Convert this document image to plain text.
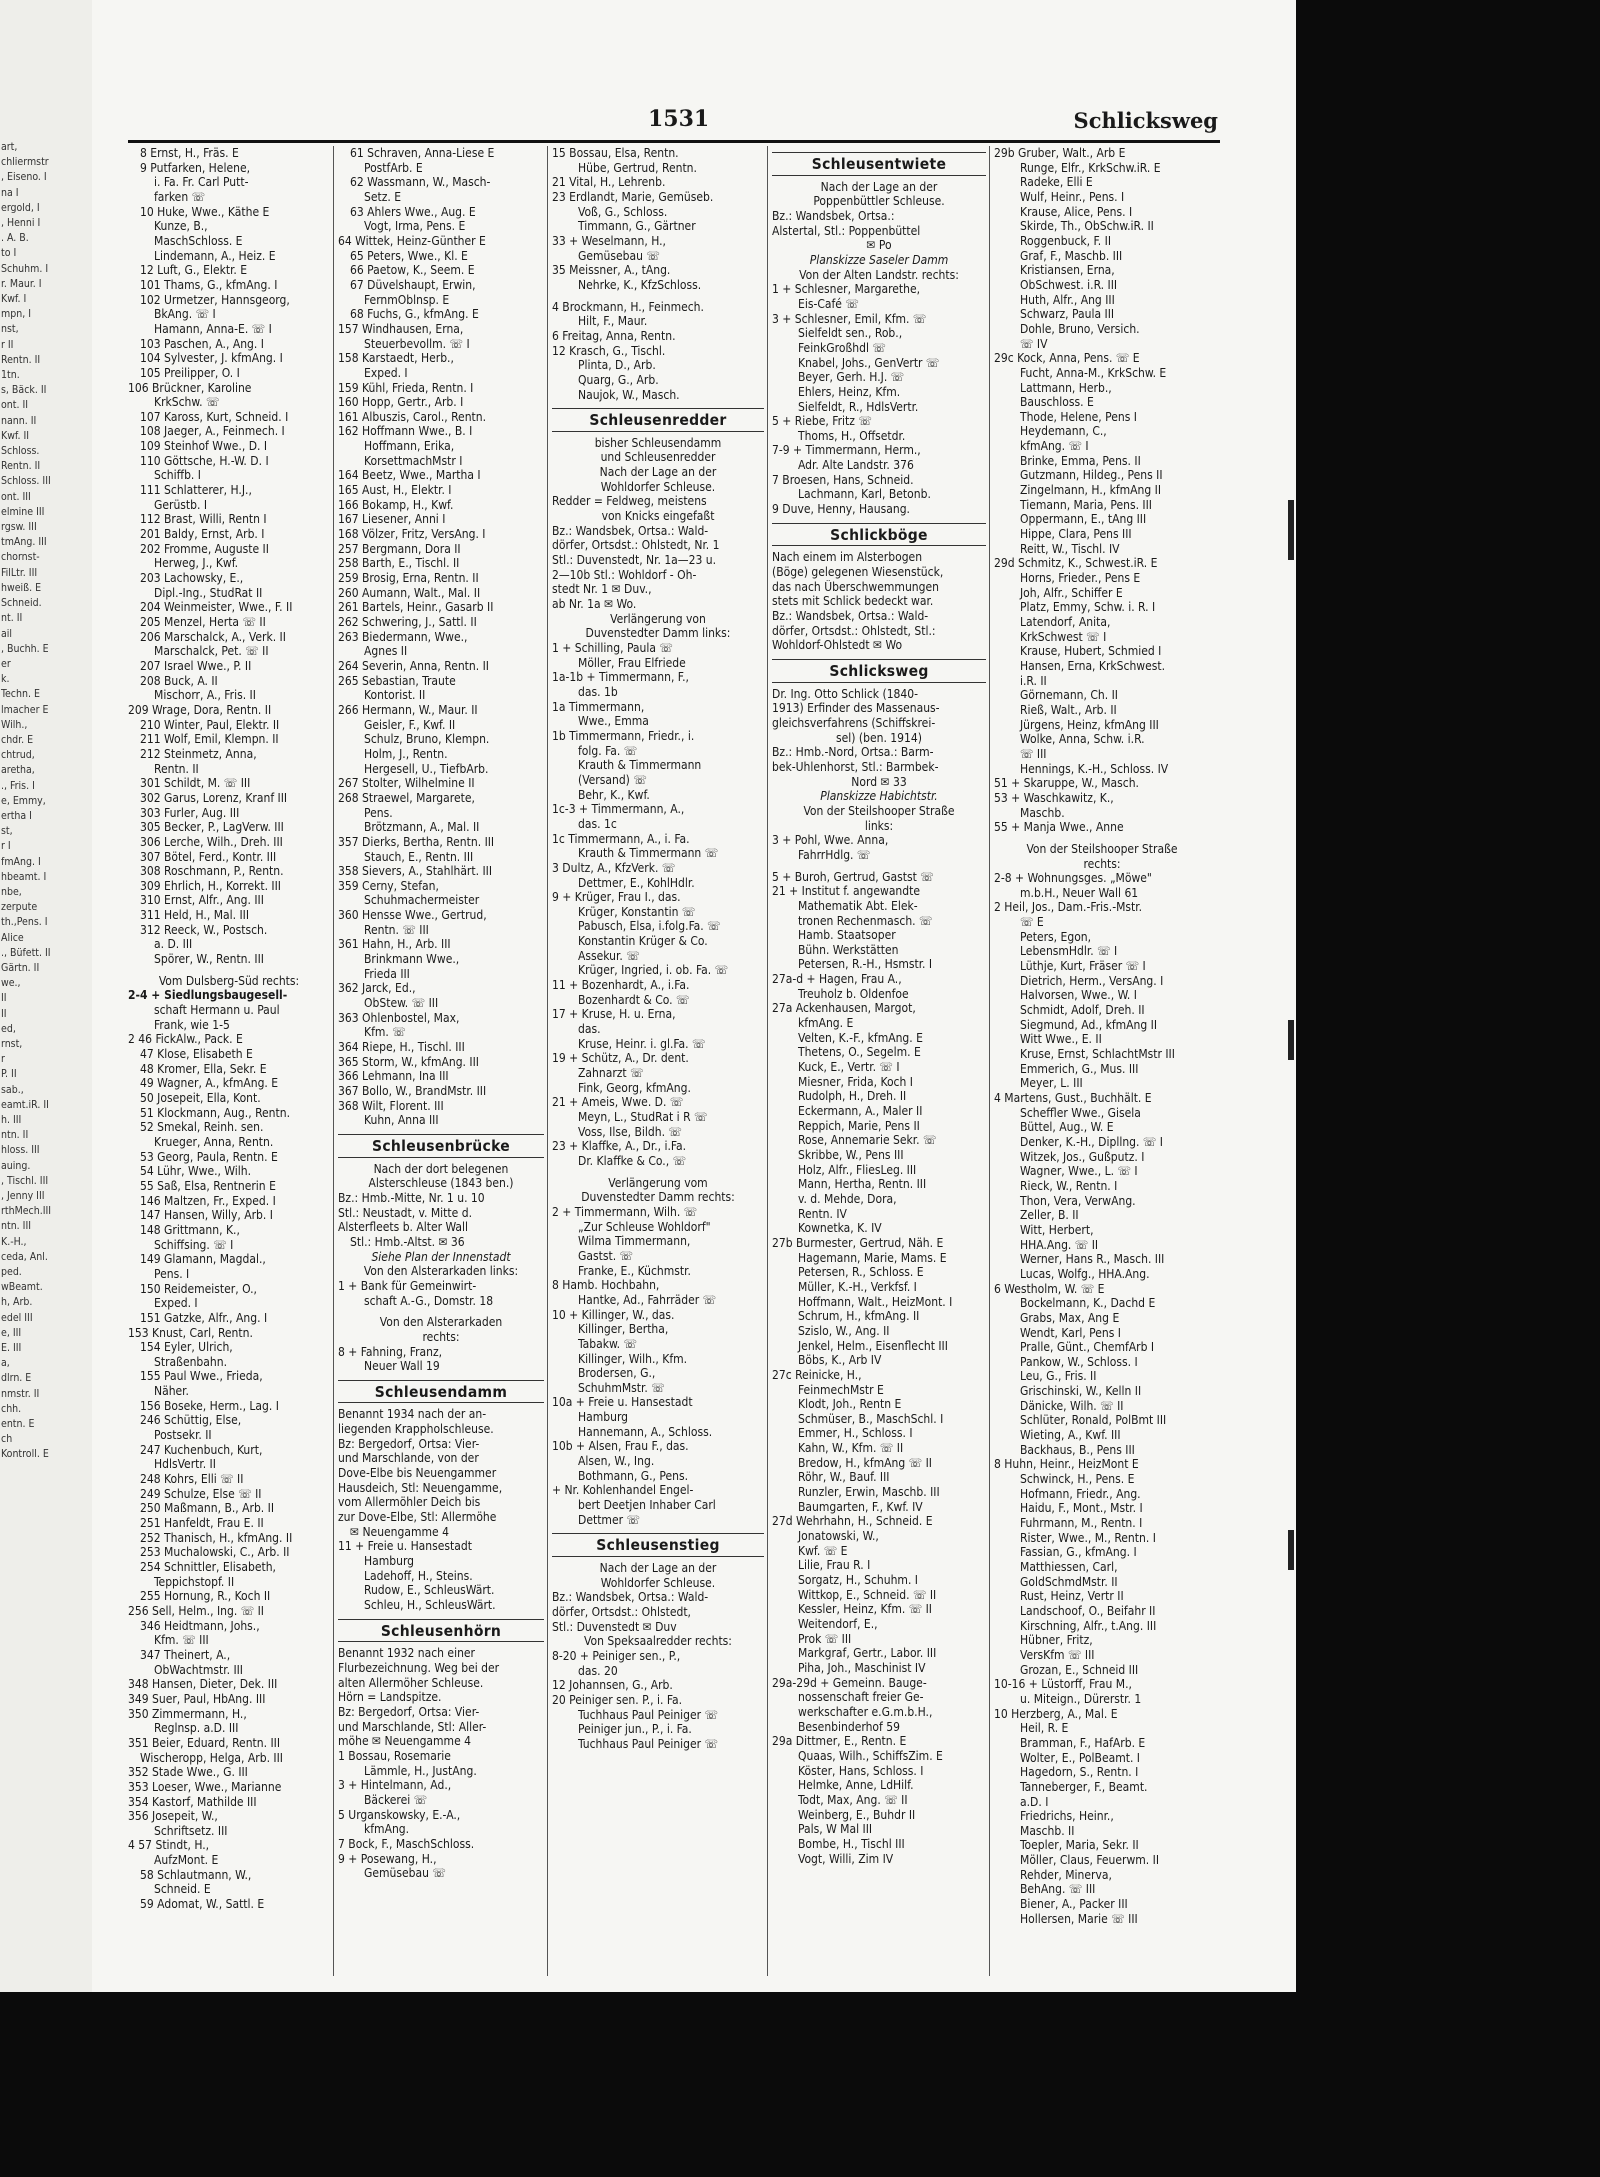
art,
chliermstr
, Eiseno. I
na I
ergold, I
, Henni I
. A. B.
to I
Schuhm. I
r. Maur. I
Kwf. I
mpn, I
nst,
r II
Rentn. II
1tn.
s, Bäck. II
ont. II
nann. II
Kwf. II
Schloss.
Rentn. II
Schloss. III
ont. III
elmine III
rgsw. III
tmAng. III
chornst-
FilLtr. III
hweiß. E
Schneid.
nt. II
ail
, Buchh. E
er
k.
Techn. E
lmacher E
Wilh.,
chdr. E
chtrud,
aretha,
., Fris. I
e, Emmy,
ertha I
st,
r I
fmAng. I
hbeamt. I
nbe,
zerpute
th.,Pens. I
Alice
., Büfett. II
Gärtn. II
we.,
II
II
ed,
rnst,
r
P. II
sab.,
eamt.iR. II
h. III
ntn. II
hloss. III
auing.
, Tischl. III
, Jenny III
rthMech.III
ntn. III
K.-H.,
ceda, Anl.
ped.
wBeamt.
h, Arb.
edel III
e, III
E. III
a,
dlrn. E
nmstr. II
chh.
entn. E
ch
Kontroll. E
1531	Schlicksweg
8 Ernst, H., Fräs. E
9 Putfarken, Helene,
i. Fa. Fr. Carl Putt-
farken ☏
10 Huke, Wwe., Käthe E
Kunze, B.,
MaschSchloss. E
Lindemann, A., Heiz. E
12 Luft, G., Elektr. E
101 Thams, G., kfmAng. I
102 Urmetzer, Hannsgeorg,
BkAng. ☏ I
Hamann, Anna-E. ☏ I
103 Paschen, A., Ang. I
104 Sylvester, J. kfmAng. I
105 Preilipper, O. I
106 Brückner, Karoline
KrkSchw. ☏
107 Kaross, Kurt, Schneid. I
108 Jaeger, A., Feinmech. I
109 Steinhof Wwe., D. I
110 Göttsche, H.-W. D. I
Schiffb. I
111 Schlatterer, H.J.,
Gerüstb. I
112 Brast, Willi, Rentn I
201 Baldy, Ernst, Arb. I
202 Fromme, Auguste II
Herweg, J., Kwf.
203 Lachowsky, E.,
Dipl.-Ing., StudRat II
204 Weinmeister, Wwe., F. II
205 Menzel, Herta ☏ II
206 Marschalck, A., Verk. II
Marschalck, Pet. ☏ II
207 Israel Wwe., P. II
208 Buck, A. II
Mischorr, A., Fris. II
209 Wrage, Dora, Rentn. II
210 Winter, Paul, Elektr. II
211 Wolf, Emil, Klempn. II
212 Steinmetz, Anna,
Rentn. II
301 Schildt, M. ☏ III
302 Garus, Lorenz, Kranf III
303 Furler, Aug. III
305 Becker, P., LagVerw. III
306 Lerche, Wilh., Dreh. III
307 Bötel, Ferd., Kontr. III
308 Roschmann, P., Rentn.
309 Ehrlich, H., Korrekt. III
310 Ernst, Alfr., Ang. III
311 Held, H., Mal. III
312 Reeck, W., Postsch.
a. D. III
Spörer, W., Rentn. III
Vom Dulsberg-Süd rechts:
2-4 + Siedlungsbaugesell-
schaft Hermann u. Paul
Frank, wie 1-5
2 46 FickAlw., Pack. E
47 Klose, Elisabeth E
48 Kromer, Ella, Sekr. E
49 Wagner, A., kfmAng. E
50 Josepeit, Ella, Kont.
51 Klockmann, Aug., Rentn.
52 Smekal, Reinh. sen.
Krueger, Anna, Rentn.
53 Georg, Paula, Rentn. E
54 Lühr, Wwe., Wilh.
55 Saß, Elsa, Rentnerin E
146 Maltzen, Fr., Exped. I
147 Hansen, Willy, Arb. I
148 Grittmann, K.,
Schiffsing. ☏ I
149 Glamann, Magdal.,
Pens. I
150 Reidemeister, O.,
Exped. I
151 Gatzke, Alfr., Ang. I
153 Knust, Carl, Rentn.
154 Eyler, Ulrich,
Straßenbahn.
155 Paul Wwe., Frieda,
Näher.
156 Boseke, Herm., Lag. I
246 Schüttig, Else,
Postsekr. II
247 Kuchenbuch, Kurt,
HdlsVertr. II
248 Kohrs, Elli ☏ II
249 Schulze, Else ☏ II
250 Maßmann, B., Arb. II
251 Hanfeldt, Frau E. II
252 Thanisch, H., kfmAng. II
253 Muchalowski, C., Arb. II
254 Schnittler, Elisabeth,
Teppichstopf. II
255 Hornung, R., Koch II
256 Sell, Helm., Ing. ☏ II
346 Heidtmann, Johs.,
Kfm. ☏ III
347 Theinert, A.,
ObWachtmstr. III
348 Hansen, Dieter, Dek. III
349 Suer, Paul, HbAng. III
350 Zimmermann, H.,
Reglnsp. a.D. III
351 Beier, Eduard, Rentn. III
Wischeropp, Helga, Arb. III
352 Stade Wwe., G. III
353 Loeser, Wwe., Marianne
354 Kastorf, Mathilde III
356 Josepeit, W.,
Schriftsetz. III
4 57 Stindt, H.,
AufzMont. E
58 Schlautmann, W.,
Schneid. E
59 Adomat, W., Sattl. E
61 Schraven, Anna-Liese E
PostfArb. E
62 Wassmann, W., Masch-
Setz. E
63 Ahlers Wwe., Aug. E
Vogt, Irma, Pens. E
64 Wittek, Heinz-Günther E
65 Peters, Wwe., Kl. E
66 Paetow, K., Seem. E
67 Düvelshaupt, Erwin,
FernmOblnsp. E
68 Fuchs, G., kfmAng. E
157 Windhausen, Erna,
Steuerbevollm. ☏ I
158 Karstaedt, Herb.,
Exped. I
159 Kühl, Frieda, Rentn. I
160 Hopp, Gertr., Arb. I
161 Albuszis, Carol., Rentn.
162 Hoffmann Wwe., B. I
Hoffmann, Erika,
KorsettmachMstr I
164 Beetz, Wwe., Martha I
165 Aust, H., Elektr. I
166 Bokamp, H., Kwf.
167 Liesener, Anni I
168 Völzer, Fritz, VersAng. I
257 Bergmann, Dora II
258 Barth, E., Tischl. II
259 Brosig, Erna, Rentn. II
260 Aumann, Walt., Mal. II
261 Bartels, Heinr., Gasarb II
262 Schwering, J., Sattl. II
263 Biedermann, Wwe.,
Agnes II
264 Severin, Anna, Rentn. II
265 Sebastian, Traute
Kontorist. II
266 Hermann, W., Maur. II
Geisler, F., Kwf. II
Schulz, Bruno, Klempn.
Holm, J., Rentn.
Hergesell, U., TiefbArb.
267 Stolter, Wilhelmine II
268 Straewel, Margarete,
Pens.
Brötzmann, A., Mal. II
357 Dierks, Bertha, Rentn. III
Stauch, E., Rentn. III
358 Sievers, A., Stahlhärt. III
359 Cerny, Stefan,
Schuhmachermeister
360 Hensse Wwe., Gertrud,
Rentn. ☏ III
361 Hahn, H., Arb. III
Brinkmann Wwe.,
Frieda III
362 Jarck, Ed.,
ObStew. ☏ III
363 Ohlenbostel, Max,
Kfm. ☏
364 Riepe, H., Tischl. III
365 Storm, W., kfmAng. III
366 Lehmann, Ina III
367 Bollo, W., BrandMstr. III
368 Wilt, Florent. III
Kuhn, Anna III
Schleusenbrücke
Nach der dort belegenen
Alsterschleuse (1843 ben.)
Bz.: Hmb.-Mitte, Nr. 1 u. 10
Stl.: Neustadt, v. Mitte d.
Alsterfleets b. Alter Wall
Stl.: Hmb.-Altst. ✉ 36
Siehe Plan der Innenstadt
Von den Alsterarkaden links:
1 + Bank für Gemeinwirt-
schaft A.-G., Domstr. 18
Von den Alsterarkaden
rechts:
8 + Fahning, Franz,
Neuer Wall 19
Schleusendamm
Benannt 1934 nach der an-
liegenden Krappholschleuse.
Bz: Bergedorf, Ortsa: Vier-
und Marschlande, von der
Dove-Elbe bis Neuengammer
Hausdeich, Stl: Neuengamme,
vom Allermöhler Deich bis
zur Dove-Elbe, Stl: Allermöhe
✉ Neuengamme 4
11 + Freie u. Hansestadt
Hamburg
Ladehoff, H., Steins.
Rudow, E., SchleusWärt.
Schleu, H., SchleusWärt.
Schleusenhörn
Benannt 1932 nach einer
Flurbezeichnung. Weg bei der
alten Allermöher Schleuse.
Hörn = Landspitze.
Bz: Bergedorf, Ortsa: Vier-
und Marschlande, Stl: Aller-
möhe ✉ Neuengamme 4
1 Bossau, Rosemarie
Lämmle, H., JustAng.
3 + Hintelmann, Ad.,
Bäckerei ☏
5 Urganskowsky, E.-A.,
kfmAng.
7 Bock, F., MaschSchloss.
9 + Posewang, H.,
Gemüsebau ☏
15 Bossau, Elsa, Rentn.
Hübe, Gertrud, Rentn.
21 Vital, H., Lehrenb.
23 Erdlandt, Marie, Gemüseb.
Voß, G., Schloss.
Timmann, G., Gärtner
33 + Weselmann, H.,
Gemüsebau ☏
35 Meissner, A., tAng.
Nehrke, K., KfzSchloss.
4 Brockmann, H., Feinmech.
Hilt, F., Maur.
6 Freitag, Anna, Rentn.
12 Krasch, G., Tischl.
Plinta, D., Arb.
Quarg, G., Arb.
Naujok, W., Masch.
Schleusenredder
bisher Schleusendamm
und Schleusenredder
Nach der Lage an der
Wohldorfer Schleuse.
Redder = Feldweg, meistens
von Knicks eingefaßt
Bz.: Wandsbek, Ortsa.: Wald-
dörfer, Ortsdst.: Ohlstedt, Nr. 1
Stl.: Duvenstedt, Nr. 1a—23 u.
2—10b Stl.: Wohldorf - Oh-
stedt Nr. 1 ✉ Duv.,
ab Nr. 1a ✉ Wo.
Verlängerung von
Duvenstedter Damm links:
1 + Schilling, Paula ☏
Möller, Frau Elfriede
1a-1b + Timmermann, F.,
das. 1b
1a Timmermann,
Wwe., Emma
1b Timmermann, Friedr., i.
folg. Fa. ☏
Krauth & Timmermann
(Versand) ☏
Behr, K., Kwf.
1c-3 + Timmermann, A.,
das. 1c
1c Timmermann, A., i. Fa.
Krauth & Timmermann ☏
3 Dultz, A., KfzVerk. ☏
Dettmer, E., KohlHdlr.
9 + Krüger, Frau I., das.
Krüger, Konstantin ☏
Pabusch, Elsa, i.folg.Fa. ☏
Konstantin Krüger & Co.
Assekur. ☏
Krüger, Ingried, i. ob. Fa. ☏
11 + Bozenhardt, A., i.Fa.
Bozenhardt & Co. ☏
17 + Kruse, H. u. Erna,
das.
Kruse, Heinr. i. gl.Fa. ☏
19 + Schütz, A., Dr. dent.
Zahnarzt ☏
Fink, Georg, kfmAng.
21 + Ameis, Wwe. D. ☏
Meyn, L., StudRat i R ☏
Voss, Ilse, Bildh. ☏
23 + Klaffke, A., Dr., i.Fa.
Dr. Klaffke & Co., ☏
Verlängerung vom
Duvenstedter Damm rechts:
2 + Timmermann, Wilh. ☏
„Zur Schleuse Wohldorf"
Wilma Timmermann,
Gastst. ☏
Franke, E., Küchmstr.
8 Hamb. Hochbahn,
Hantke, Ad., Fahrräder ☏
10 + Killinger, W., das.
Killinger, Bertha,
Tabakw. ☏
Killinger, Wilh., Kfm.
Brodersen, G.,
SchuhmMstr. ☏
10a + Freie u. Hansestadt
Hamburg
Hannemann, A., Schloss.
10b + Alsen, Frau F., das.
Alsen, W., Ing.
Bothmann, G., Pens.
+ Nr. Kohlenhandel Engel-
bert Deetjen Inhaber Carl
Dettmer ☏
Schleusenstieg
Nach der Lage an der
Wohldorfer Schleuse.
Bz.: Wandsbek, Ortsa.: Wald-
dörfer, Ortsdst.: Ohlstedt,
Stl.: Duvenstedt ✉ Duv
Von Speksaalredder rechts:
8-20 + Peiniger sen., P.,
das. 20
12 Johannsen, G., Arb.
20 Peiniger sen. P., i. Fa.
Tuchhaus Paul Peiniger ☏
Peiniger jun., P., i. Fa.
Tuchhaus Paul Peiniger ☏
Schleusentwiete
Nach der Lage an der
Poppenbüttler Schleuse.
Bz.: Wandsbek, Ortsa.:
Alstertal, Stl.: Poppenbüttel
✉ Po
Planskizze Saseler Damm
Von der Alten Landstr. rechts:
1 + Schlesner, Margarethe,
Eis-Café ☏
3 + Schlesner, Emil, Kfm. ☏
Sielfeldt sen., Rob.,
FeinkGroßhdl ☏
Knabel, Johs., GenVertr ☏
Beyer, Gerh. H.J. ☏
Ehlers, Heinz, Kfm.
Sielfeldt, R., HdlsVertr.
5 + Riebe, Fritz ☏
Thoms, H., Offsetdr.
7-9 + Timmermann, Herm.,
Adr. Alte Landstr. 376
7 Broesen, Hans, Schneid.
Lachmann, Karl, Betonb.
9 Duve, Henny, Hausang.
Schlickböge
Nach einem im Alsterbogen
(Böge) gelegenen Wiesenstück,
das nach Überschwemmungen
stets mit Schlick bedeckt war.
Bz.: Wandsbek, Ortsa.: Wald-
dörfer, Ortsdst.: Ohlstedt, Stl.:
Wohldorf-Ohlstedt ✉ Wo
Schlicksweg
Dr. Ing. Otto Schlick (1840-
1913) Erfinder des Massenaus-
gleichsverfahrens (Schiffskrei-
sel) (ben. 1914)
Bz.: Hmb.-Nord, Ortsa.: Barm-
bek-Uhlenhorst, Stl.: Barmbek-
Nord ✉ 33
Planskizze Habichtstr.
Von der Steilshooper Straße
links:
3 + Pohl, Wwe. Anna,
FahrrHdlg. ☏
5 + Buroh, Gertrud, Gastst ☏
21 + Institut f. angewandte
Mathematik Abt. Elek-
tronen Rechenmasch. ☏
Hamb. Staatsoper
Bühn. Werkstätten
Petersen, R.-H., Hsmstr. I
27a-d + Hagen, Frau A.,
Treuholz b. Oldenfoe
27a Ackenhausen, Margot,
kfmAng. E
Velten, K.-F., kfmAng. E
Thetens, O., Segelm. E
Kuck, E., Vertr. ☏ I
Miesner, Frida, Koch I
Rudolph, H., Dreh. II
Eckermann, A., Maler II
Reppich, Marie, Pens II
Rose, Annemarie Sekr. ☏
Skribbe, W., Pens III
Holz, Alfr., FliesLeg. III
Mann, Hertha, Rentn. III
v. d. Mehde, Dora,
Rentn. IV
Kownetka, K. IV
27b Burmester, Gertrud, Näh. E
Hagemann, Marie, Mams. E
Petersen, R., Schloss. E
Müller, K.-H., Verkfsf. I
Hoffmann, Walt., HeizMont. I
Schrum, H., kfmAng. II
Szislo, W., Ang. II
Jenkel, Helm., Eisenflecht III
Böbs, K., Arb IV
27c Reinicke, H.,
FeinmechMstr E
Klodt, Joh., Rentn E
Schmüser, B., MaschSchl. I
Emmer, H., Schloss. I
Kahn, W., Kfm. ☏ II
Bredow, H., kfmAng ☏ II
Röhr, W., Bauf. III
Runzler, Erwin, Maschb. III
Baumgarten, F., Kwf. IV
27d Wehrhahn, H., Schneid. E
Jonatowski, W.,
Kwf. ☏ E
Lilie, Frau R. I
Sorgatz, H., Schuhm. I
Wittkop, E., Schneid. ☏ II
Kessler, Heinz, Kfm. ☏ II
Weitendorf, E.,
Prok ☏ III
Markgraf, Gertr., Labor. III
Piha, Joh., Maschinist IV
29a-29d + Gemeinn. Bauge-
nossenschaft freier Ge-
werkschafter e.G.m.b.H.,
Besenbinderhof 59
29a Dittmer, E., Rentn. E
Quaas, Wilh., SchiffsZim. E
Köster, Hans, Schloss. I
Helmke, Anne, LdHilf.
Todt, Max, Ang. ☏ II
Weinberg, E., Buhdr II
Pals, W Mal III
Bombe, H., Tischl III
Vogt, Willi, Zim IV
29b Gruber, Walt., Arb E
Runge, Elfr., KrkSchw.iR. E
Radeke, Elli E
Wulf, Heinr., Pens. I
Krause, Alice, Pens. I
Skirde, Th., ObSchw.iR. II
Roggenbuck, F. II
Graf, F., Maschb. III
Kristiansen, Erna,
ObSchwest. i.R. III
Huth, Alfr., Ang III
Schwarz, Paula III
Dohle, Bruno, Versich.
☏ IV
29c Kock, Anna, Pens. ☏ E
Fucht, Anna-M., KrkSchw. E
Lattmann, Herb.,
Bauschloss. E
Thode, Helene, Pens I
Heydemann, C.,
kfmAng. ☏ I
Brinke, Emma, Pens. II
Gutzmann, Hildeg., Pens II
Zingelmann, H., kfmAng II
Tiemann, Maria, Pens. III
Oppermann, E., tAng III
Hippe, Clara, Pens III
Reitt, W., Tischl. IV
29d Schmitz, K., Schwest.iR. E
Horns, Frieder., Pens E
Joh, Alfr., Schiffer E
Platz, Emmy, Schw. i. R. I
Latendorf, Anita,
KrkSchwest ☏ I
Krause, Hubert, Schmied I
Hansen, Erna, KrkSchwest.
i.R. II
Görnemann, Ch. II
Rieß, Walt., Arb. II
Jürgens, Heinz, kfmAng III
Wolke, Anna, Schw. i.R.
☏ III
Hennings, K.-H., Schloss. IV
51 + Skaruppe, W., Masch.
53 + Waschkawitz, K.,
Maschb.
55 + Manja Wwe., Anne
Von der Steilshooper Straße
rechts:
2-8 + Wohnungsges. „Möwe"
m.b.H., Neuer Wall 61
2 Heil, Jos., Dam.-Fris.-Mstr.
☏ E
Peters, Egon,
LebensmHdlr. ☏ I
Lüthje, Kurt, Fräser ☏ I
Dietrich, Herm., VersAng. I
Halvorsen, Wwe., W. I
Schmidt, Adolf, Dreh. II
Siegmund, Ad., kfmAng II
Witt Wwe., E. II
Kruse, Ernst, SchlachtMstr III
Emmerich, G., Mus. III
Meyer, L. III
4 Martens, Gust., Buchhält. E
Scheffler Wwe., Gisela
Büttel, Aug., W. E
Denker, K.-H., Dipllng. ☏ I
Witzek, Jos., Gußputz. I
Wagner, Wwe., L. ☏ I
Rieck, W., Rentn. I
Thon, Vera, VerwAng.
Zeller, B. II
Witt, Herbert,
HHA.Ang. ☏ II
Werner, Hans R., Masch. III
Lucas, Wolfg., HHA.Ang.
6 Westholm, W. ☏ E
Bockelmann, K., Dachd E
Grabs, Max, Ang E
Wendt, Karl, Pens I
Pralle, Günt., ChemfArb I
Pankow, W., Schloss. I
Leu, G., Fris. II
Grischinski, W., Kelln II
Dänicke, Wilh. ☏ II
Schlüter, Ronald, PolBmt III
Wieting, A., Kwf. III
Backhaus, B., Pens III
8 Huhn, Heinr., HeizMont E
Schwinck, H., Pens. E
Hofmann, Friedr., Ang.
Haidu, F., Mont., Mstr. I
Fuhrmann, M., Rentn. I
Rister, Wwe., M., Rentn. I
Fassian, G., kfmAng. I
Matthiessen, Carl,
GoldSchmdMstr. II
Rust, Heinz, Vertr II
Landschoof, O., Beifahr II
Kirschning, Alfr., t.Ang. III
Hübner, Fritz,
VersKfm ☏ III
Grozan, E., Schneid III
10-16 + Lüstorff, Frau M.,
u. Miteign., Dürerstr. 1
10 Herzberg, A., Mal. E
Heil, R. E
Bramman, F., HafArb. E
Wolter, E., PolBeamt. I
Hagedorn, S., Rentn. I
Tanneberger, F., Beamt.
a.D. I
Friedrichs, Heinr.,
Maschb. II
Toepler, Maria, Sekr. II
Möller, Claus, Feuerwm. II
Rehder, Minerva,
BehAng. ☏ III
Biener, A., Packer III
Hollersen, Marie ☏ III
